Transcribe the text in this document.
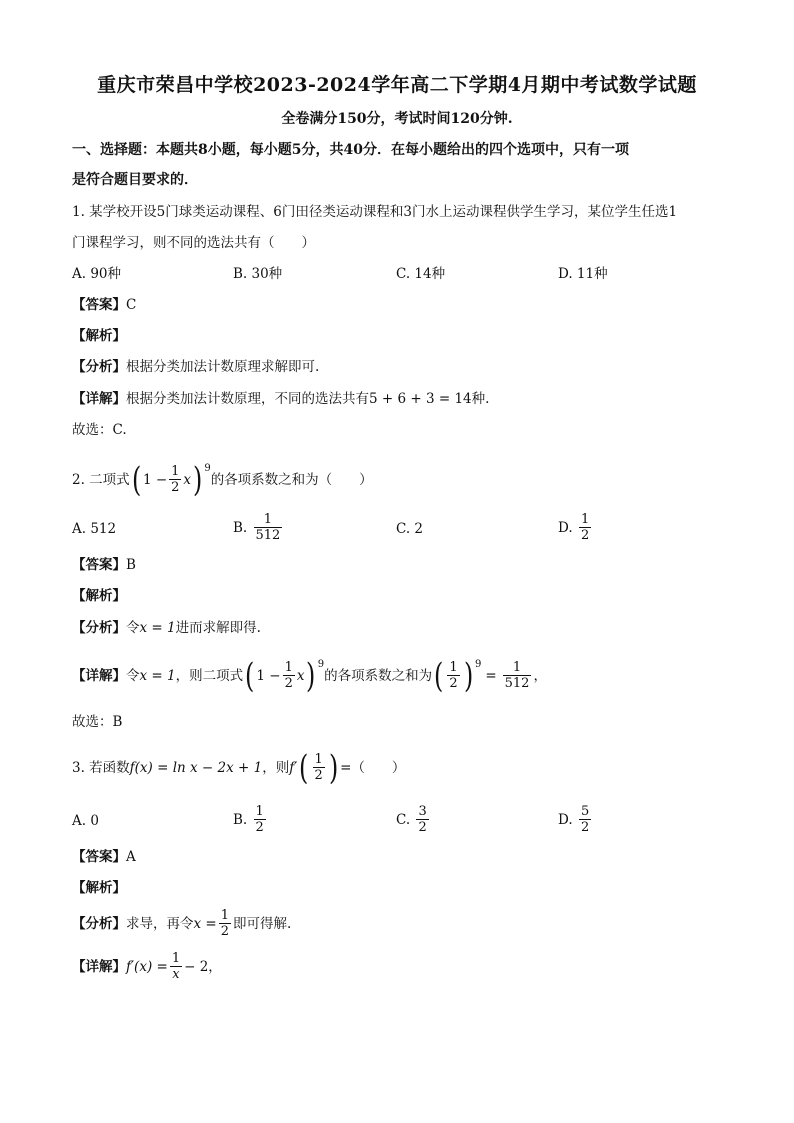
重庆市荣昌中学校2023-2024学年高二下学期4月期中考试数学试题
全卷满分150分，考试时间120分钟.
一、选择题：本题共8小题，每小题5分，共40分．在每小题给出的四个选项中，只有一项
是符合题目要求的．
1. 某学校开设5门球类运动课程、6门田径类运动课程和3门水上运动课程供学生学习，某位学生任选1
门课程学习，则不同的选法共有（　　）
A. 90种	B. 30种	C. 14种	D. 11种
【答案】C
【解析】
【分析】根据分类加法计数原理求解即可.
【详解】根据分类加法计数原理，不同的选法共有5 + 6 + 3 = 14种.
故选：C.
2. 二项式( $1 - \frac{1}{2} x$) $^9$的各项系数之和为（　　）
A. 512	B. $\frac{1}{512}$	C. 2	D. $\frac{1}{2}$
【答案】B
【解析】
【分析】令x = 1进而求解即得.
【详解】令x = 1，则二项式( $1 - \frac{1}{2} x$) $^9$的各项系数之和为( $\frac{1}{2}$ ) $^9= \frac{1}{512}$ ，
故选：B
3. 若函数f(x) = ln x − 2x + 1，则$f'( \frac{1}{2}$ ) =（　　）
A. 0	B. $\frac{1}{2}$	C. $\frac{3}{2}$	D. $\frac{5}{2}$
【答案】A
【解析】
【分析】求导，再令$x = \frac{1}{2}$ 即可得解.
【详解】$f'(x) = \frac{1}{x} - 2$，
